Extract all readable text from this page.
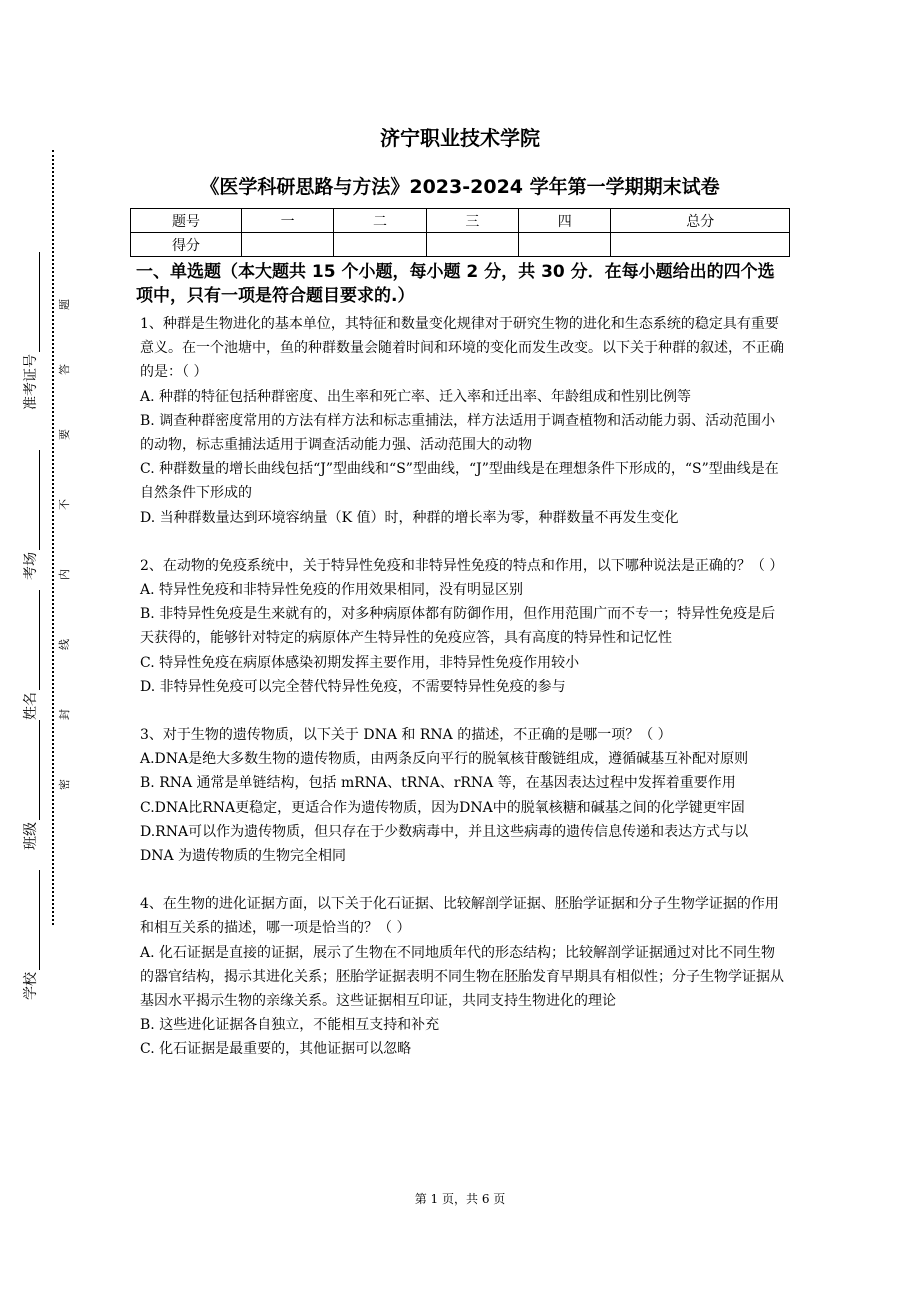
准考证号
考场
姓名
班级
学校
题
答
要
不
内
线
封
密
济宁职业技术学院
《医学科研思路与方法》2023-2024 学年第一学期期末试卷
题号	一	二	三	四	总分
得分					
一、单选题（本大题共 15 个小题，每小题 2 分，共 30 分．在每小题给出的四个选项中，只有一项是符合题目要求的.）

1、种群是生物进化的基本单位，其特征和数量变化规律对于研究生物的进化和生态系统的稳定具有重要意义。在一个池塘中，鱼的种群数量会随着时间和环境的变化而发生改变。以下关于种群的叙述，不正确的是：（ ）

A. 种群的特征包括种群密度、出生率和死亡率、迁入率和迁出率、年龄组成和性别比例等

B. 调查种群密度常用的方法有样方法和标志重捕法，样方法适用于调查植物和活动能力弱、活动范围小的动物，标志重捕法适用于调查活动能力强、活动范围大的动物

C. 种群数量的增长曲线包括“J”型曲线和“S”型曲线，“J”型曲线是在理想条件下形成的，“S”型曲线是在自然条件下形成的

D. 当种群数量达到环境容纳量（K 值）时，种群的增长率为零，种群数量不再发生变化

2、在动物的免疫系统中，关于特异性免疫和非特异性免疫的特点和作用，以下哪种说法是正确的？（ ）

A. 特异性免疫和非特异性免疫的作用效果相同，没有明显区别

B. 非特异性免疫是生来就有的，对多种病原体都有防御作用，但作用范围广而不专一；特异性免疫是后天获得的，能够针对特定的病原体产生特异性的免疫应答，具有高度的特异性和记忆性

C. 特异性免疫在病原体感染初期发挥主要作用，非特异性免疫作用较小

D. 非特异性免疫可以完全替代特异性免疫，不需要特异性免疫的参与

3、对于生物的遗传物质，以下关于 DNA 和 RNA 的描述，不正确的是哪一项？（ ）

A.DNA是绝大多数生物的遗传物质，由两条反向平行的脱氧核苷酸链组成，遵循碱基互补配对原则

B. RNA 通常是单链结构，包括 mRNA、tRNA、rRNA 等，在基因表达过程中发挥着重要作用

C.DNA比RNA更稳定，更适合作为遗传物质，因为DNA中的脱氧核糖和碱基之间的化学键更牢固

D.RNA可以作为遗传物质，但只存在于少数病毒中，并且这些病毒的遗传信息传递和表达方式与以 DNA 为遗传物质的生物完全相同

4、在生物的进化证据方面，以下关于化石证据、比较解剖学证据、胚胎学证据和分子生物学证据的作用和相互关系的描述，哪一项是恰当的？（ ）

A. 化石证据是直接的证据，展示了生物在不同地质年代的形态结构；比较解剖学证据通过对比不同生物的器官结构，揭示其进化关系；胚胎学证据表明不同生物在胚胎发育早期具有相似性；分子生物学证据从基因水平揭示生物的亲缘关系。这些证据相互印证，共同支持生物进化的理论

B. 这些进化证据各自独立，不能相互支持和补充

C. 化石证据是最重要的，其他证据可以忽略

第 1 页，共 6 页
